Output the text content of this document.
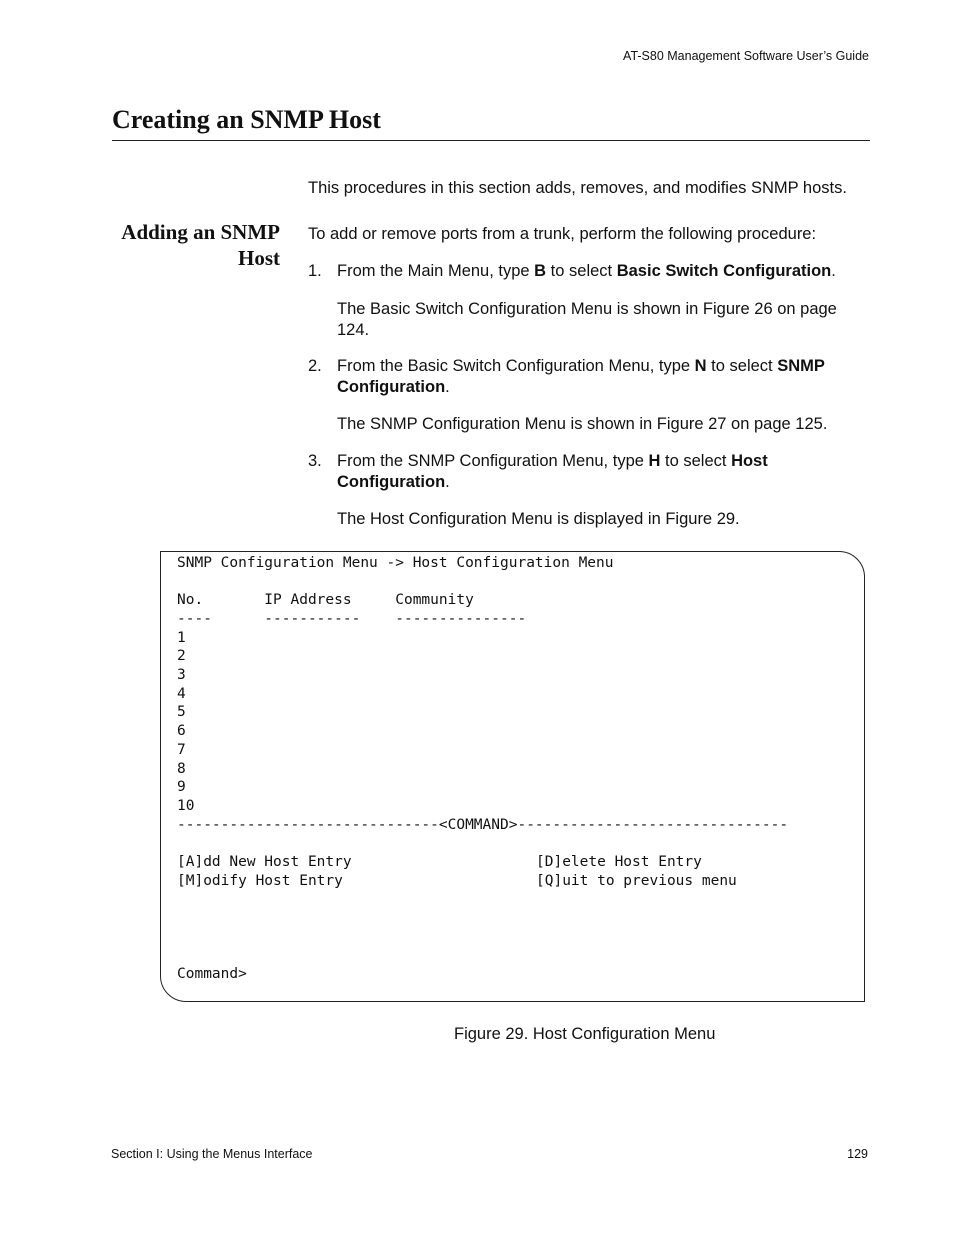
AT-S80 Management Software User’s Guide
Creating an SNMP Host
This procedures in this section adds, removes, and modifies SNMP hosts.
Adding an SNMP
Host
To add or remove ports from a trunk, perform the following procedure:
1. From the Main Menu, type B to select Basic Switch Configuration.
The Basic Switch Configuration Menu is shown in Figure 26 on page 124.
2. From the Basic Switch Configuration Menu, type N to select SNMP Configuration.
The SNMP Configuration Menu is shown in Figure 27 on page 125.
3. From the SNMP Configuration Menu, type H to select Host Configuration.
The Host Configuration Menu is displayed in Figure 29.
SNMP Configuration Menu -> Host Configuration Menu
No.       IP Address     Community
----      -----------    ---------------
1
2
3
4
5
6
7
8
9
10
------------------------------<COMMAND>-------------------------------
[A]dd New Host Entry	[D]elete Host Entry
[M]odify Host Entry	[Q]uit to previous menu
Command>
Figure 29. Host Configuration Menu
Section I: Using the Menus Interface	129
